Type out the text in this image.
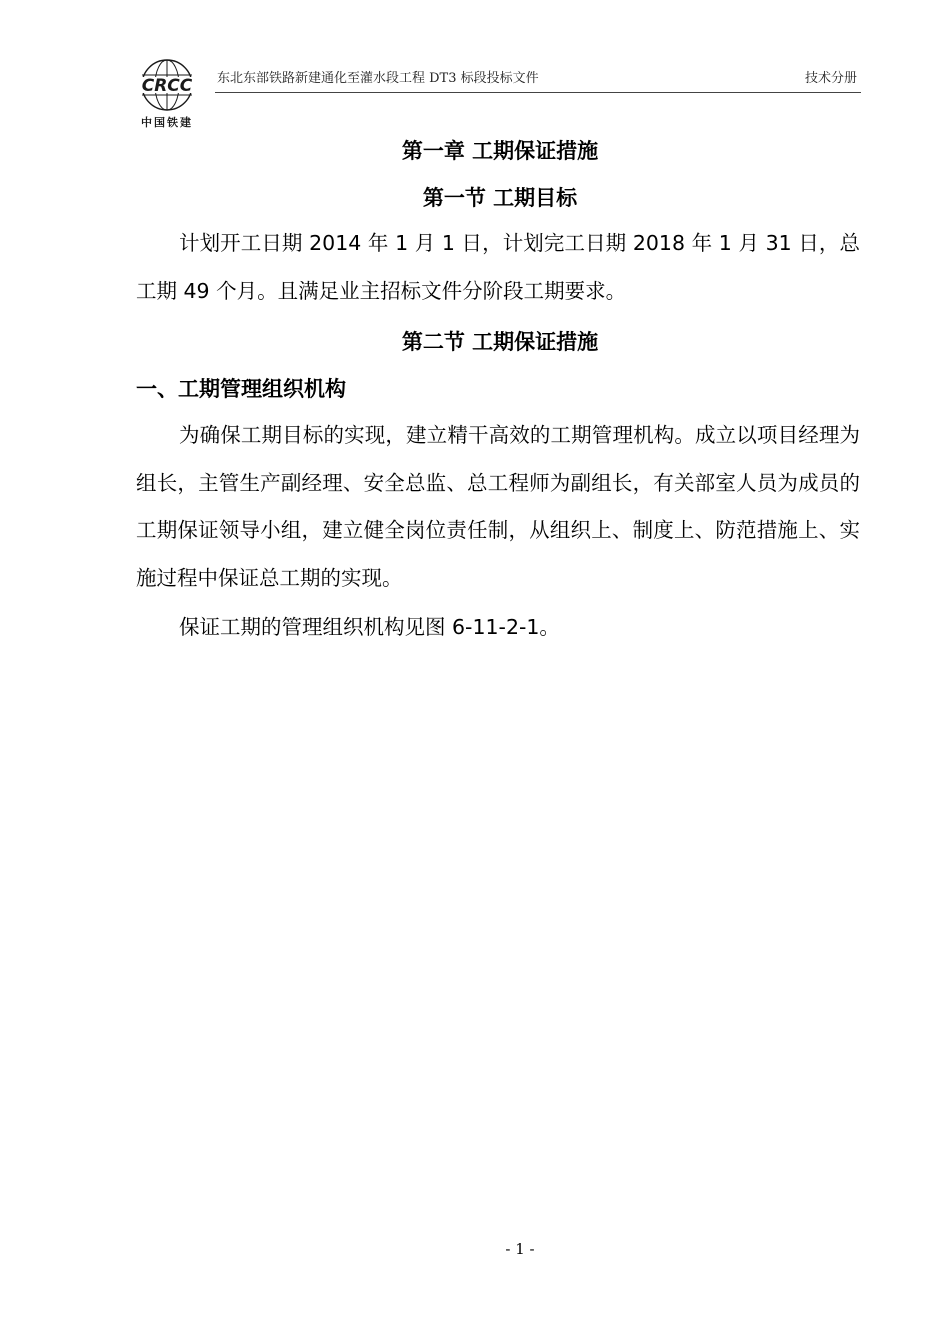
CRCC
中国铁建
东北东部铁路新建通化至灌水段工程 DT3 标段投标文件	技术分册
第一章 工期保证措施
第一节 工期目标
计划开工日期 2014 年 1 月 1 日，计划完工日期 2018 年 1 月 31 日，总工期 49 个月。且满足业主招标文件分阶段工期要求。
第二节 工期保证措施
一、工期管理组织机构
为确保工期目标的实现，建立精干高效的工期管理机构。成立以项目经理为组长，主管生产副经理、安全总监、总工程师为副组长，有关部室人员为成员的工期保证领导小组，建立健全岗位责任制，从组织上、制度上、防范措施上、实施过程中保证总工期的实现。
保证工期的管理组织机构见图 6-11-2-1。
- 1 -
